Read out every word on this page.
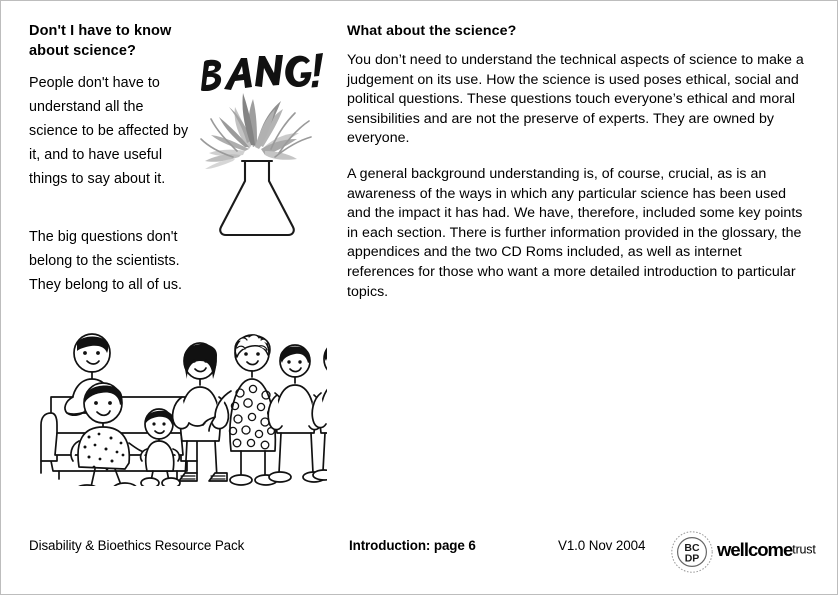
Don't I have to know about science?

People don't have to understand all the science to be affected by it, and to have useful things to say about it.

The big questions don't belong to the scientists. They belong to all of us.

What about the science?

You don’t need to understand the technical aspects of science to make a judgement on its use. How the science is used poses ethical, social and political questions. These questions touch everyone’s ethical and moral sensibilities and are not the preserve of experts. They are owned by everyone.

A general background understanding is, of course, crucial, as is an awareness of the ways in which any particular science has been used and the impact it has had. We have, therefore, included some key points in each section. There is further information provided in the glossary, the appendices and the two CD Roms included, as well as internet references for those who want a more detailed introduction to particular topics.

Disability & Bioethics Resource Pack	Introduction: page 6	V1.0 Nov 2004	BC
DP wellcometrust
